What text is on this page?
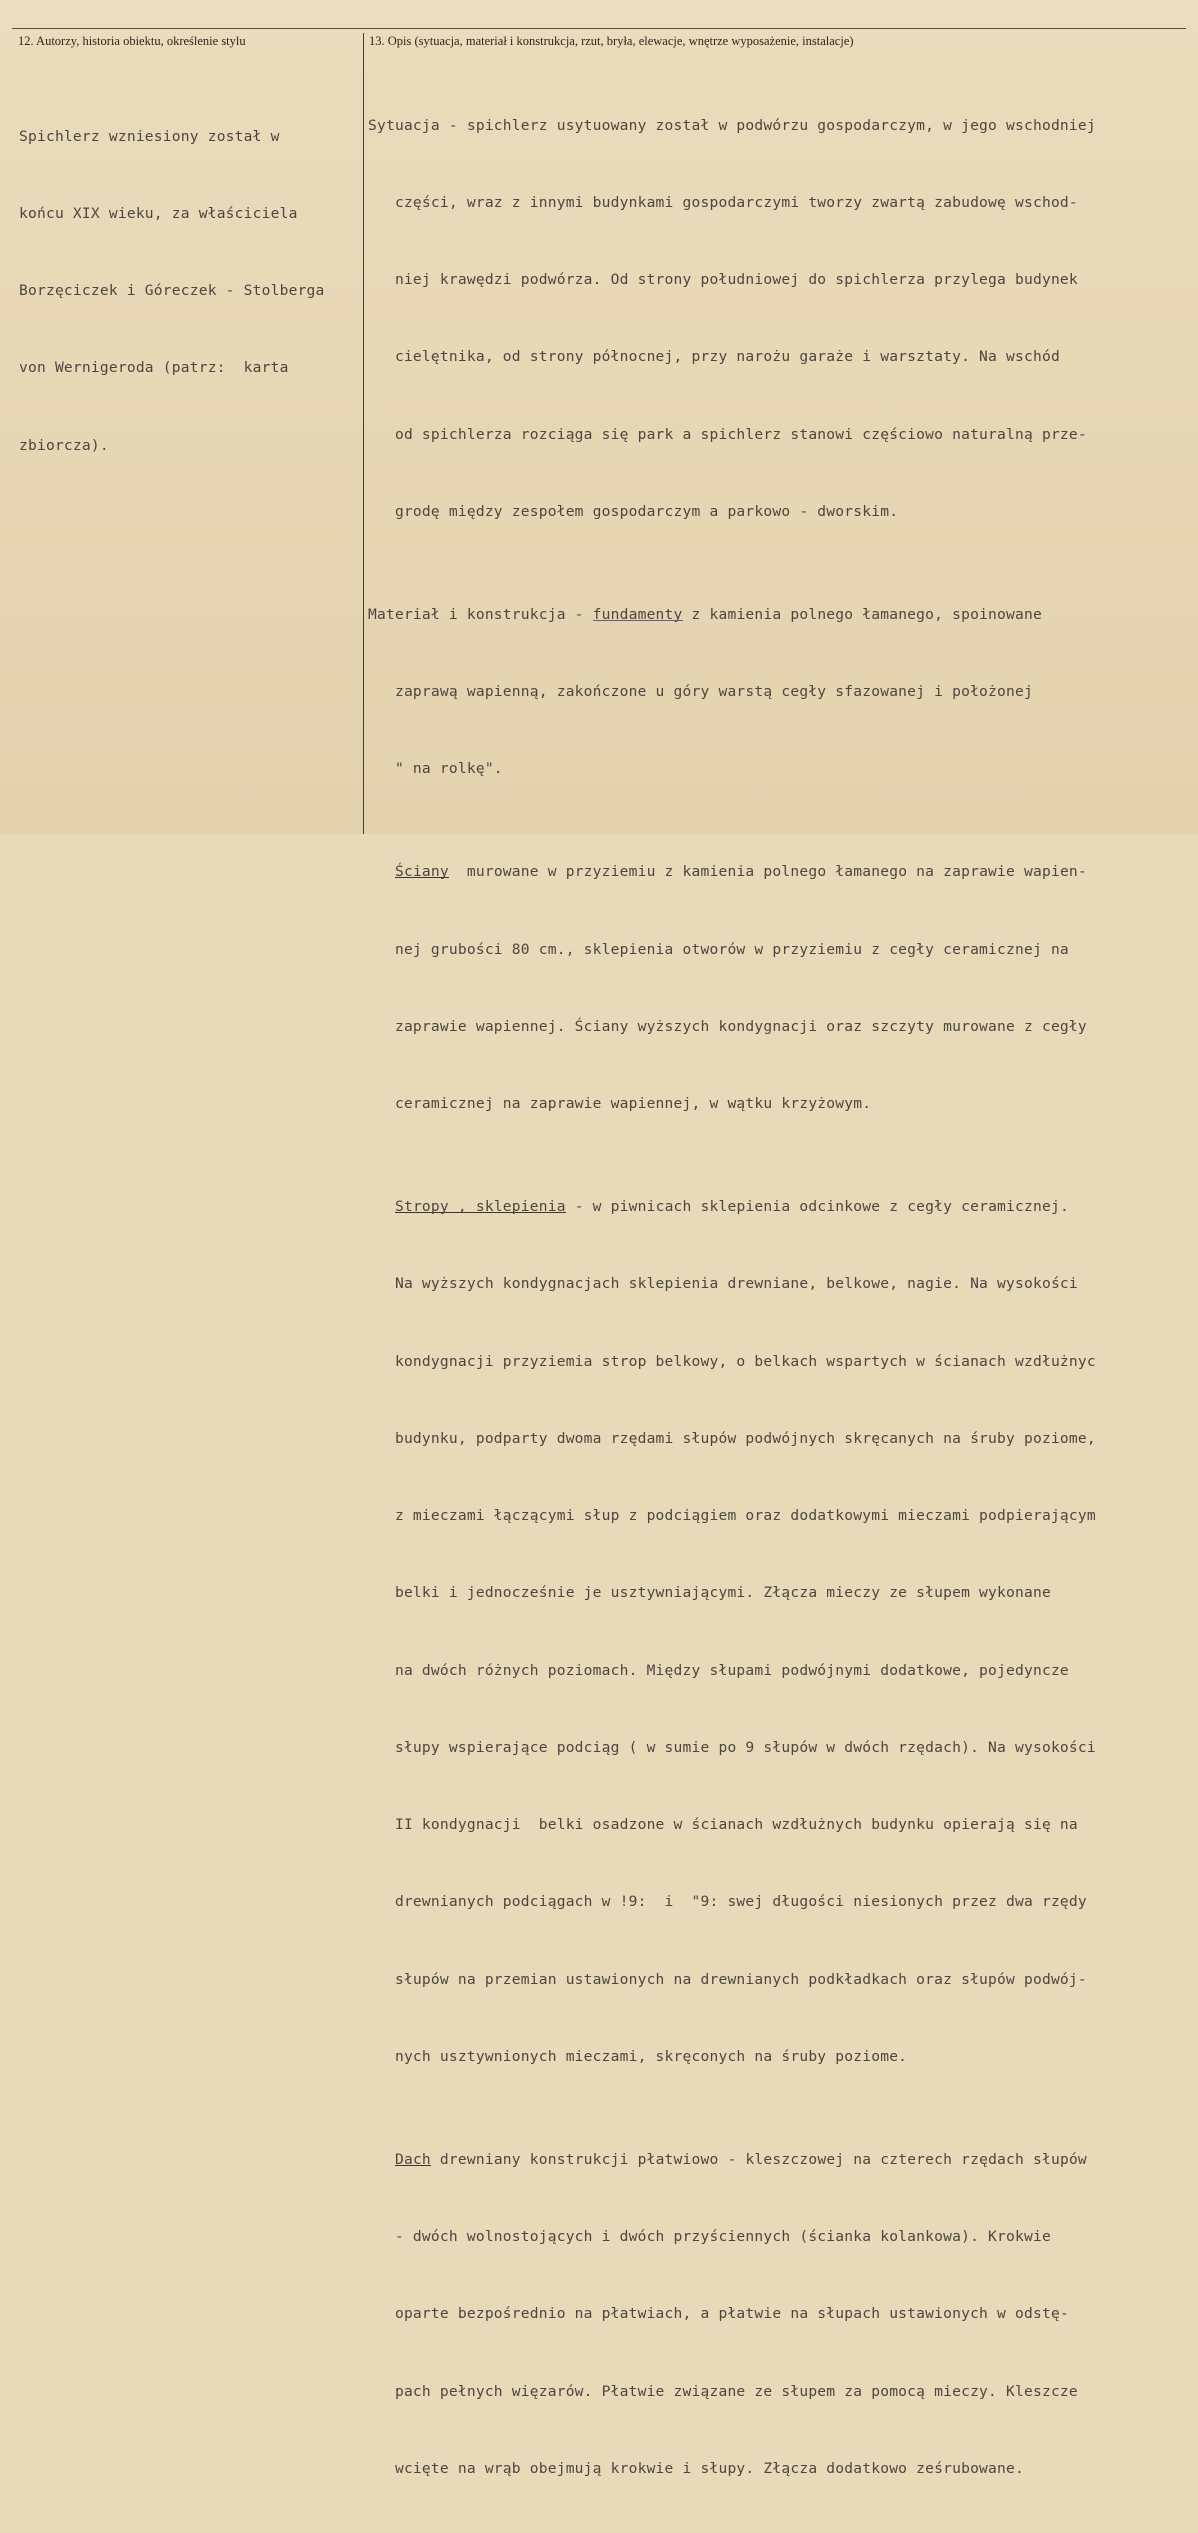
12. Autorzy, historia obiektu, określenie stylu	13. Opis (sytuacja, materiał i konstrukcja, rzut, bryła, elewacje, wnętrze wyposażenie, instalacje)

Spichlerz wzniesiony został w

końcu XIX wieku, za właściciela

Borzęciczek i Góreczek - Stolberga

von Wernigeroda (patrz:  karta

zbiorcza).

Sytuacja - spichlerz usytuowany został w podwórzu gospodarczym, w jego wschodniej

części, wraz z innymi budynkami gospodarczymi tworzy zwartą zabudowę wschod-

niej krawędzi podwórza. Od strony południowej do spichlerza przylega budynek

cielętnika, od strony północnej, przy narożu garaże i warsztaty. Na wschód

od spichlerza rozciąga się park a spichlerz stanowi częściowo naturalną prze-

grodę między zespołem gospodarczym a parkowo - dworskim.

Materiał i konstrukcja - fundamenty z kamienia polnego łamanego, spoinowane

zaprawą wapienną, zakończone u góry warstą cegły sfazowanej i położonej

" na rolkę".

Ściany  murowane w przyziemiu z kamienia polnego łamanego na zaprawie wapien-

nej grubości 80 cm., sklepienia otworów w przyziemiu z cegły ceramicznej na

zaprawie wapiennej. Ściany wyższych kondygnacji oraz szczyty murowane z cegły

ceramicznej na zaprawie wapiennej, w wątku krzyżowym.

Stropy , sklepienia - w piwnicach sklepienia odcinkowe z cegły ceramicznej.

Na wyższych kondygnacjach sklepienia drewniane, belkowe, nagie. Na wysokości

kondygnacji przyziemia strop belkowy, o belkach wspartych w ścianach wzdłużnyc

budynku, podparty dwoma rzędami słupów podwójnych skręcanych na śruby poziome,

z mieczami łączącymi słup z podciągiem oraz dodatkowymi mieczami podpierającym

belki i jednocześnie je usztywniającymi. Złącza mieczy ze słupem wykonane

na dwóch różnych poziomach. Między słupami podwójnymi dodatkowe, pojedyncze

słupy wspierające podciąg ( w sumie po 9 słupów w dwóch rzędach). Na wysokości

II kondygnacji  belki osadzone w ścianach wzdłużnych budynku opierają się na

drewnianych podciągach w !9:  i  "9: swej długości niesionych przez dwa rzędy

słupów na przemian ustawionych na drewnianych podkładkach oraz słupów podwój-

nych usztywnionych mieczami, skręconych na śruby poziome.

Dach drewniany konstrukcji płatwiowo - kleszczowej na czterech rzędach słupów

- dwóch wolnostojących i dwóch przyściennych (ścianka kolankowa). Krokwie

oparte bezpośrednio na płatwiach, a płatwie na słupach ustawionych w odstę-

pach pełnych więzarów. Płatwie związane ze słupem za pomocą mieczy. Kleszcze

wcięte na wrąb obejmują krokwie i słupy. Złącza dodatkowo ześrubowane.
